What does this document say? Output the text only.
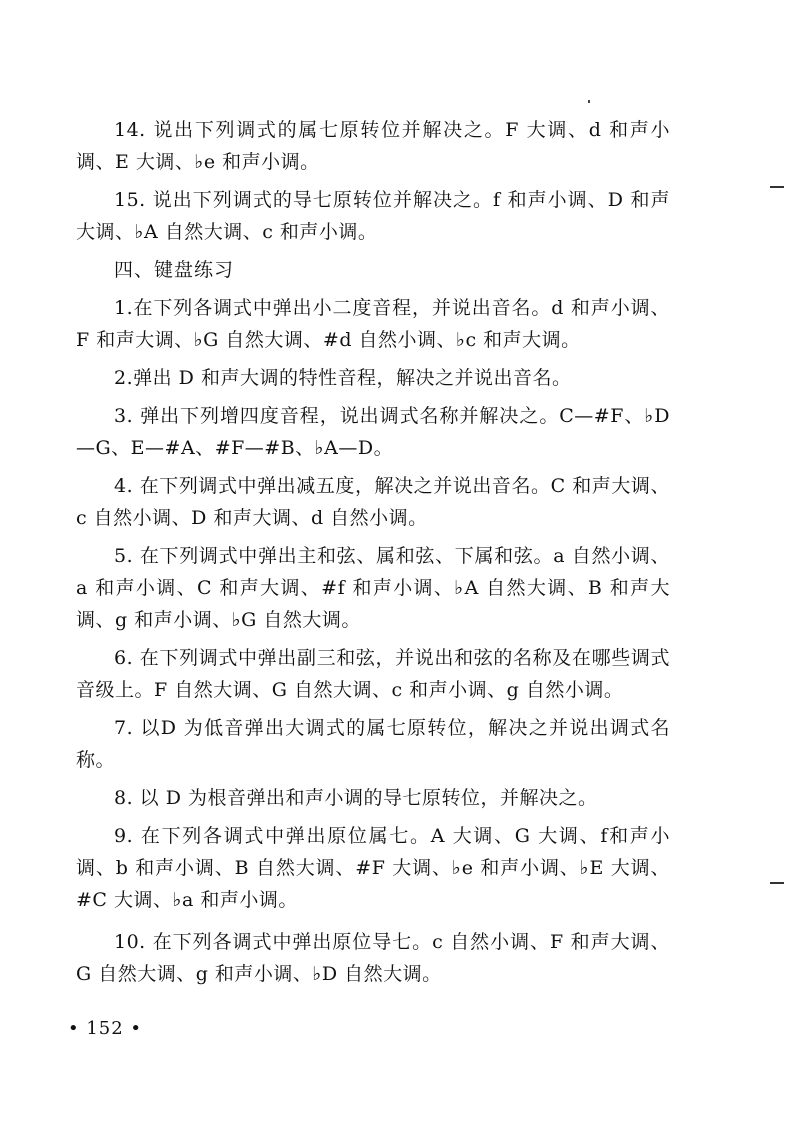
14. 说出下列调式的属七原转位并解决之。F 大调、d 和声小调、E 大调、♭e 和声小调。

15. 说出下列调式的导七原转位并解决之。f 和声小调、D 和声大调、♭A 自然大调、c 和声小调。

四、键盘练习

1.在下列各调式中弹出小二度音程，并说出音名。d 和声小调、F 和声大调、♭G 自然大调、#d 自然小调、♭c 和声大调。

2.弹出 D 和声大调的特性音程，解决之并说出音名。

3. 弹出下列增四度音程，说出调式名称并解决之。C—#F、♭D—G、E—#A、#F—#B、♭A—D。

4. 在下列调式中弹出减五度，解决之并说出音名。C 和声大调、c 自然小调、D 和声大调、d 自然小调。

5. 在下列调式中弹出主和弦、属和弦、下属和弦。a 自然小调、a 和声小调、C 和声大调、#f 和声小调、♭A 自然大调、B 和声大调、g 和声小调、♭G 自然大调。

6. 在下列调式中弹出副三和弦，并说出和弦的名称及在哪些调式音级上。F 自然大调、G 自然大调、c 和声小调、g 自然小调。

7. 以D 为低音弹出大调式的属七原转位，解决之并说出调式名称。

8. 以 D 为根音弹出和声小调的导七原转位，并解决之。

9. 在下列各调式中弹出原位属七。A 大调、G 大调、f和声小调、b 和声小调、B 自然大调、#F 大调、♭e 和声小调、♭E 大调、#C 大调、♭a 和声小调。

10. 在下列各调式中弹出原位导七。c 自然小调、F 和声大调、G 自然大调、g 和声小调、♭D 自然大调。

• 152 •
